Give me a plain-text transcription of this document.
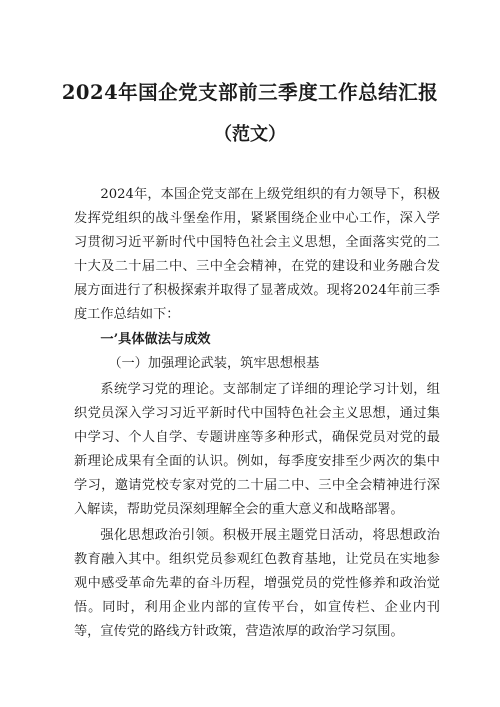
2024年国企党支部前三季度工作总结汇报
（范文）

2024年，本国企党支部在上级党组织的有力领导下，积极发挥党组织的战斗堡垒作用，紧紧围绕企业中心工作，深入学习贯彻习近平新时代中国特色社会主义思想，全面落实党的二十大及二十届二中、三中全会精神，在党的建设和业务融合发展方面进行了积极探索并取得了显著成效。现将2024年前三季度工作总结如下：

一’具体做法与成效
（一）加强理论武装，筑牢思想根基

系统学习党的理论。支部制定了详细的理论学习计划，组织党员深入学习习近平新时代中国特色社会主义思想，通过集中学习、个人自学、专题讲座等多种形式，确保党员对党的最新理论成果有全面的认识。例如，每季度安排至少两次的集中学习，邀请党校专家对党的二十届二中、三中全会精神进行深入解读，帮助党员深刻理解全会的重大意义和战略部署。

强化思想政治引领。积极开展主题党日活动，将思想政治教育融入其中。组织党员参观红色教育基地，让党员在实地参观中感受革命先辈的奋斗历程，增强党员的党性修养和政治觉悟。同时，利用企业内部的宣传平台，如宣传栏、企业内刊等，宣传党的路线方针政策，营造浓厚的政治学习氛围。
